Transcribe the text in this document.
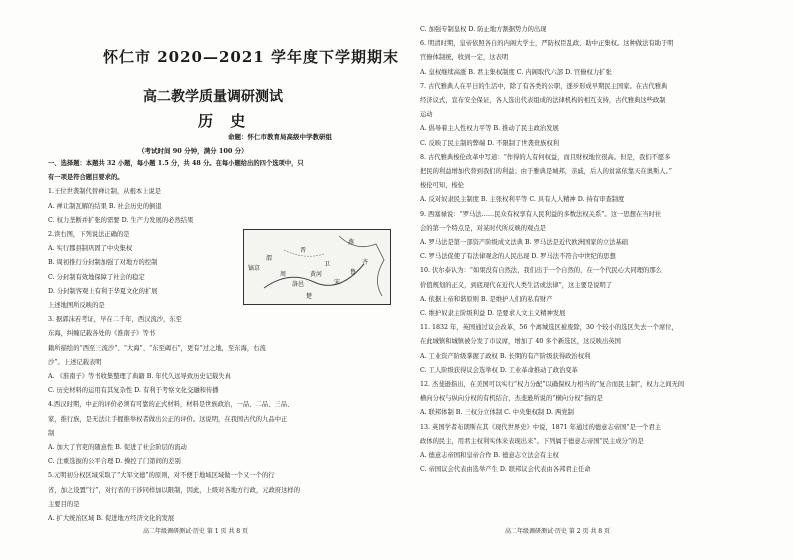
怀仁市 2020—2021 学年度下学期期末
高二教学质量调研测试
历 史
命题：怀仁市教育局高级中学教研组
（考试时间 90 分钟，满分 100 分）
一、选择题：本题共 32 小题，每小题 1.5 分，共 48 分。在每小题给出的四个选项中，只
有一项是符合题目要求的。
1.王位世袭制代替禅让制，从根本上说是
A. 禅让制瓦解的结果 B. 社会历史的倒退
C. 权力垄断并扩张的需要 D. 生产力发展的必然结果
2.读右图，下列说法正确的是
A. 实行郡县制巩固了中央集权
B. 周初推行分封制加强了对地方的控制
C. 分封制有效地保障了社会的稳定
D. 分封制客观上有利于华夏文化的扩展
上述地图所反映的是
3. 据郭沫若考证，早在二千年，西汉流沙，东至
东海，纠缠记载各处的《淮南子》等书
籍所描绘的“西至三流沙”、“大海”、“东至碣石”，更有“过之地，至东海，右流
沙”。上述记载表明
A. 《淮南子》等书收集整理了典籍 B. 年代久远导致历史记载失真
C. 历史材料的运用有其复杂性 D. 有利于考察文化交融和传播
4.西汉时期，中正的评价必须有可靠的正式材料，材料是世族政治，一品、二品、三品、
家，推行族，是无法让手握推举权者做出公正的评价。这说明，在我国古代的九品中正
制
A. 加大了官吏的随意性 B. 促进了社会阶层的流动
C. 注重选拔的公平合理 D. 操控了门第间的差别
5.元明初分权区域采取了“大军文德”的原则，对不便于地域区域做一个又一个的行
省，加之设置“行”，对行省的干涉同样加以限制，因此，上级对各地方行政，元政府这样的
主要目的是
A. 扩大统治区域 B. 促进地方经济文化的发展
燕
齐
鲁
宋
卫
晋
周
楚
镐京
洛邑
渭
黄河
高二年级调研测试·历史 第 1 页 共 8 页
C. 加强专制皇权 D. 防止地方割据势力的出现
6. 明清时期，皇帝依照各自的内阁大学士，严防权臣乱政，助中正集权。这种做法有助于明
官僚体制统，收到一定，这表明
A. 皇权继续高涨 B. 君主集权制度 C. 内阁取代六部 D. 官僚权力扩张
7. 古代雅典人在平日的生活中，除了有各类的公职，逐步形成早期民主国家。在古代雅典
经济议式，宣布安全保证，各人选出代表组成的法律机构的相互支持，古代雅典这些政制
运动
A. 倡导着主人性权力平等 B. 推动了民主政治发展
C. 反映了民主制的弊端 D. 不限制了世袭贵族权利
8. 古代雅典梭伦改革中写道：“作得的人有何权益，而且财权地位很高。但是，我们不愿多
把民的利益增加代替到我们的利益；由于雅典是城邦，亲戚，后人的贫富依靠天在奥斯人。”
梭伦可知，梭伦
A. 反对奴隶民主制度 B. 主张权利平等 C. 具有人人精神 D. 持有审查制度
9. 西塞禄说：“罗马法……民众有权享有人民利益的多数法权关系”。这一思想在当时社
会的第一个特点是，对某时代所反映的观点是
A. 罗马法是第一部资产阶级成文法典 B. 罗马法是近代欧洲国家的立法基础
C. 罗马法促使了有法律观念的人民出现 D. 罗马法不符合中世纪的思想
10. 伏尔泰认为：“如果没有自然法，我们出于一个自然的，在一个代民心大同理的那么
价值规划的正义，到底现代在近代人类生活或法律”，这主要是说明了
A. 依据上帝和谐原则 B. 是维护人们的私有财产
C. 维护奴隶主阶级利益 D. 是要求人文主义精神发展
11. 1832 年，英国通过议会改革，56 个离城选区被废除，30 个较小的选区失去一个席位，
在此城镇和城镇被分发了市议席，增加了 40 多个新选区，这反映出英国
A. 工业资产阶级掌握了政权 B. 长期的有产阶级获得政治权利
C. 工人阶级获得议会选举权 D. 工业革命推动了政治变革
12. 杰斐逊指出，在美国可以实行“权力分配”以确保权力相当的“复合而民主制”，权力之间无间
横向分权与纵向分权的有机结合，杰斐逊所说的“横向分权”指的是
A. 联邦体制 B. 三权分立体制 C. 中央集权制 D. 两党制
13. 英国学者布朗斯在其《现代世界史》中说，1871 年通过的德意志帝国“是一个君主
政体的民主，用君主权利实体来表现出来”。下列属于德意志帝国“民主成分”的是
A. 德意志帝国和皇帝合作 B. 德意志立法会有主权
C. 帝国议会代表由选举产生 D. 联邦议会代表由各邦君主任命
高二年级调研测试·历史 第 2 页 共 8 页
